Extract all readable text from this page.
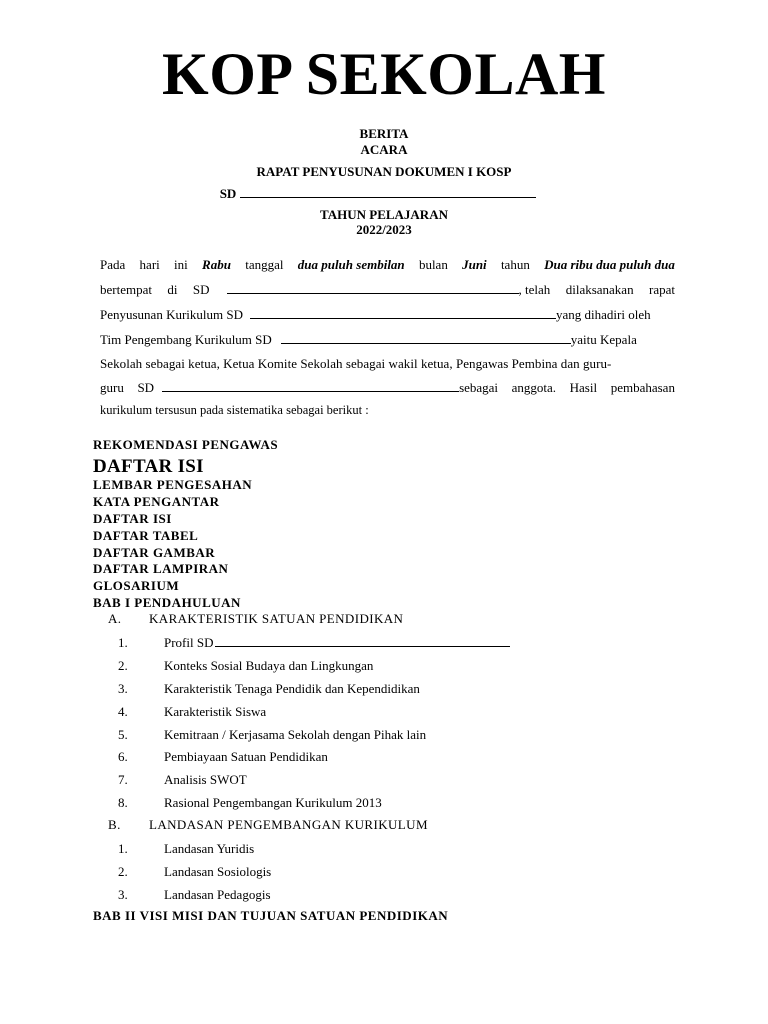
KOP SEKOLAH
BERITA
ACARA
RAPAT PENYUSUNAN DOKUMEN I KOSP
SD
TAHUN PELAJARAN
2022/2023
Pada hari ini Rabu tanggal dua puluh sembilan bulan Juni tahun Dua ribu dua puluh dua
bertempat di SD	, telah dilaksanakan rapat
Penyusunan Kurikulum SD	yang dihadiri oleh
Tim Pengembang Kurikulum SD	yaitu Kepala
Sekolah sebagai ketua, Ketua Komite Sekolah sebagai wakil ketua, Pengawas Pembina dan guru-
guru SD	sebagai anggota. Hasil pembahasan
kurikulum tersusun pada sistematika sebagai berikut :
REKOMENDASI PENGAWAS
DAFTAR ISI
LEMBAR PENGESAHAN
KATA PENGANTAR
DAFTAR ISI
DAFTAR TABEL
DAFTAR GAMBAR
DAFTAR LAMPIRAN
GLOSARIUM
BAB I PENDAHULUAN
A. KARAKTERISTIK SATUAN PENDIDIKAN
1.	Profil SD
2.	Konteks Sosial Budaya dan Lingkungan
3.	Karakteristik Tenaga Pendidik dan Kependidikan
4.	Karakteristik Siswa
5.	Kemitraan / Kerjasama Sekolah dengan Pihak lain
6.	Pembiayaan Satuan Pendidikan
7.	Analisis SWOT
8.	Rasional Pengembangan Kurikulum 2013
B. LANDASAN PENGEMBANGAN KURIKULUM
1.	Landasan Yuridis
2.	Landasan Sosiologis
3.	Landasan Pedagogis
BAB II VISI MISI DAN TUJUAN SATUAN PENDIDIKAN
